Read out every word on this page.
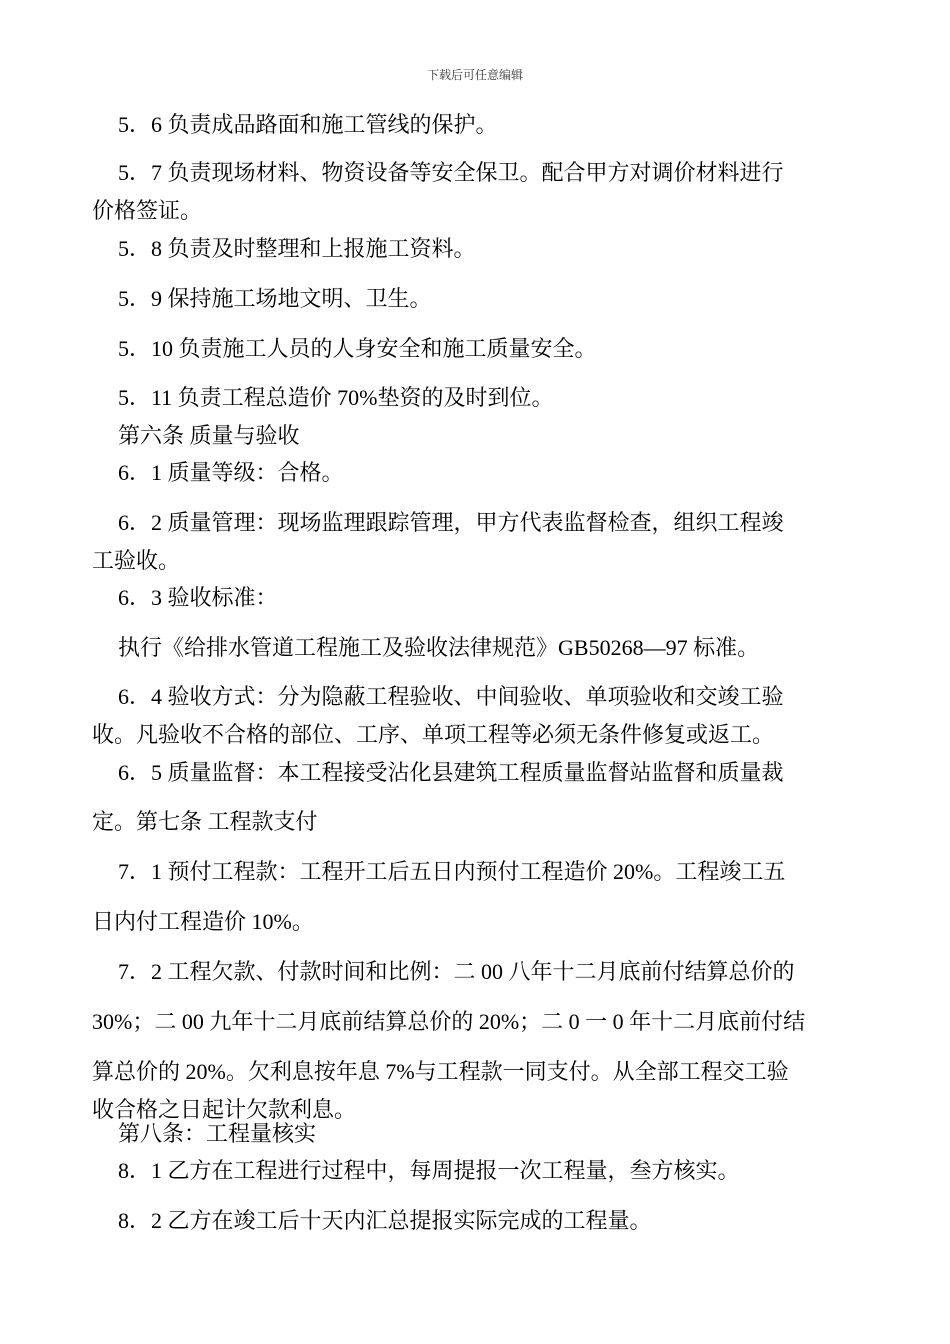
下载后可任意编辑
5．6 负责成品路面和施工管线的保护。
5．7 负责现场材料、物资设备等安全保卫。配合甲方对调价材料进行
价格签证。
5．8 负责及时整理和上报施工资料。
5．9 保持施工场地文明、卫生。
5．10 负责施工人员的人身安全和施工质量安全。
5．11 负责工程总造价 70%垫资的及时到位。
第六条 质量与验收
6．1 质量等级：合格。
6．2 质量管理：现场监理跟踪管理，甲方代表监督检查，组织工程竣
工验收。
6．3 验收标准：
执行《给排水管道工程施工及验收法律规范》GB50268—97 标准。
6．4 验收方式：分为隐蔽工程验收、中间验收、单项验收和交竣工验
收。凡验收不合格的部位、工序、单项工程等必须无条件修复或返工。
6．5 质量监督：本工程接受沾化县建筑工程质量监督站监督和质量裁
定。第七条 工程款支付
7．1 预付工程款：工程开工后五日内预付工程造价 20%。工程竣工五
日内付工程造价 10%。
7．2 工程欠款、付款时间和比例：二 00 八年十二月底前付结算总价的
30%；二 00 九年十二月底前结算总价的 20%；二 0 一 0 年十二月底前付结
算总价的 20%。欠利息按年息 7%与工程款一同支付。从全部工程交工验
收合格之日起计欠款利息。
第八条：工程量核实
8．1 乙方在工程进行过程中，每周提报一次工程量，叁方核实。
8．2 乙方在竣工后十天内汇总提报实际完成的工程量。
